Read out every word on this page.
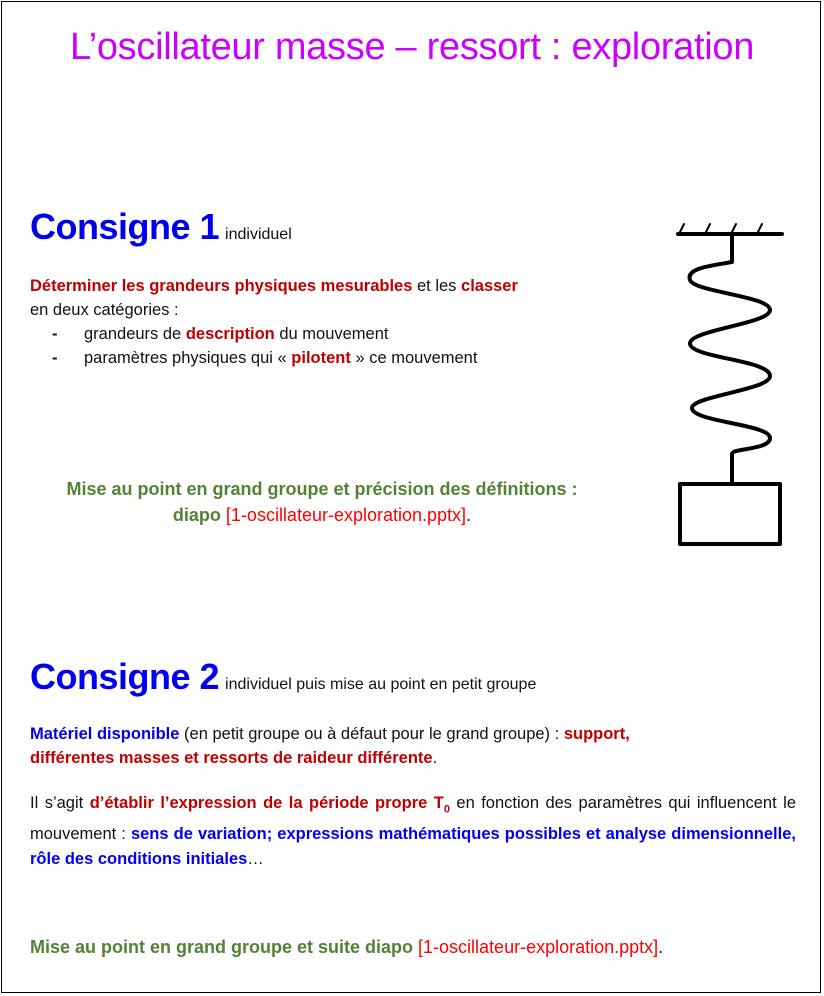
L’oscillateur masse – ressort : exploration
Consigne 1 individuel
Déterminer les grandeurs physiques mesurables et les classer
en deux catégories :
- grandeurs de description du mouvement
- paramètres physiques qui « pilotent » ce mouvement
Mise au point en grand groupe et précision des définitions :
diapo [1-oscillateur-exploration.pptx].
Consigne 2 individuel puis mise au point en petit groupe
Matériel disponible (en petit groupe ou à défaut pour le grand groupe) : support,
différentes masses et ressorts de raideur différente.
Il s’agit d’établir l’expression de la période propre $T_0$ en fonction des paramètres qui influencent le mouvement : sens de variation; expressions mathématiques possibles et analyse dimensionnelle, rôle des conditions initiales…
Mise au point en grand groupe et suite diapo [1-oscillateur-exploration.pptx].
